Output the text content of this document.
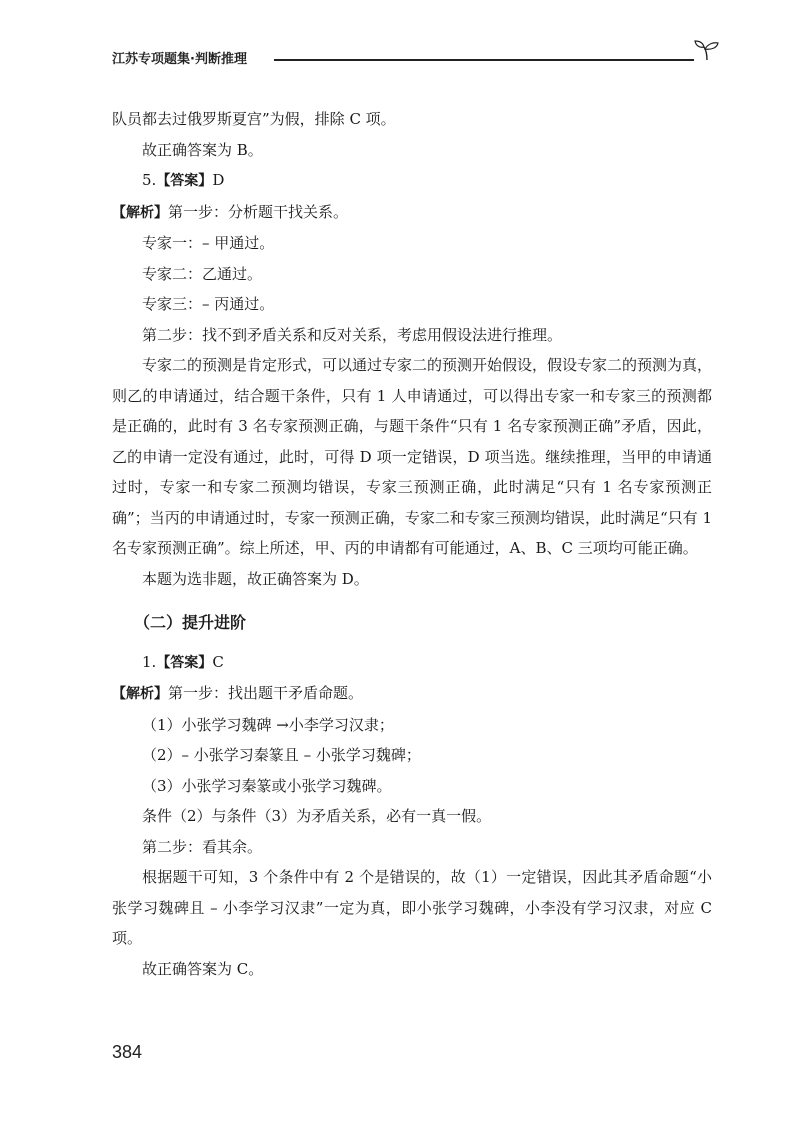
江苏专项题集·判断推理

队员都去过俄罗斯夏宫”为假，排除 C 项。

故正确答案为 B。

5.【答案】D

【解析】第一步：分析题干找关系。

专家一：– 甲通过。

专家二：乙通过。

专家三：– 丙通过。

第二步：找不到矛盾关系和反对关系，考虑用假设法进行推理。

专家二的预测是肯定形式，可以通过专家二的预测开始假设，假设专家二的预测为真，则乙的申请通过，结合题干条件，只有 1 人申请通过，可以得出专家一和专家三的预测都是正确的，此时有 3 名专家预测正确，与题干条件“只有 1 名专家预测正确”矛盾，因此，乙的申请一定没有通过，此时，可得 D 项一定错误，D 项当选。继续推理，当甲的申请通过时，专家一和专家二预测均错误，专家三预测正确，此时满足“只有 1 名专家预测正确”；当丙的申请通过时，专家一预测正确，专家二和专家三预测均错误，此时满足“只有 1 名专家预测正确”。综上所述，甲、丙的申请都有可能通过，A、B、C 三项均可能正确。

本题为选非题，故正确答案为 D。

（二）提升进阶

1.【答案】C

【解析】第一步：找出题干矛盾命题。

（1）小张学习魏碑 →小李学习汉隶；

（2）– 小张学习秦篆且 – 小张学习魏碑；

（3）小张学习秦篆或小张学习魏碑。

条件（2）与条件（3）为矛盾关系，必有一真一假。

第二步：看其余。

根据题干可知，3 个条件中有 2 个是错误的，故（1）一定错误，因此其矛盾命题“小张学习魏碑且 – 小李学习汉隶”一定为真，即小张学习魏碑，小李没有学习汉隶，对应 C 项。

故正确答案为 C。

384
